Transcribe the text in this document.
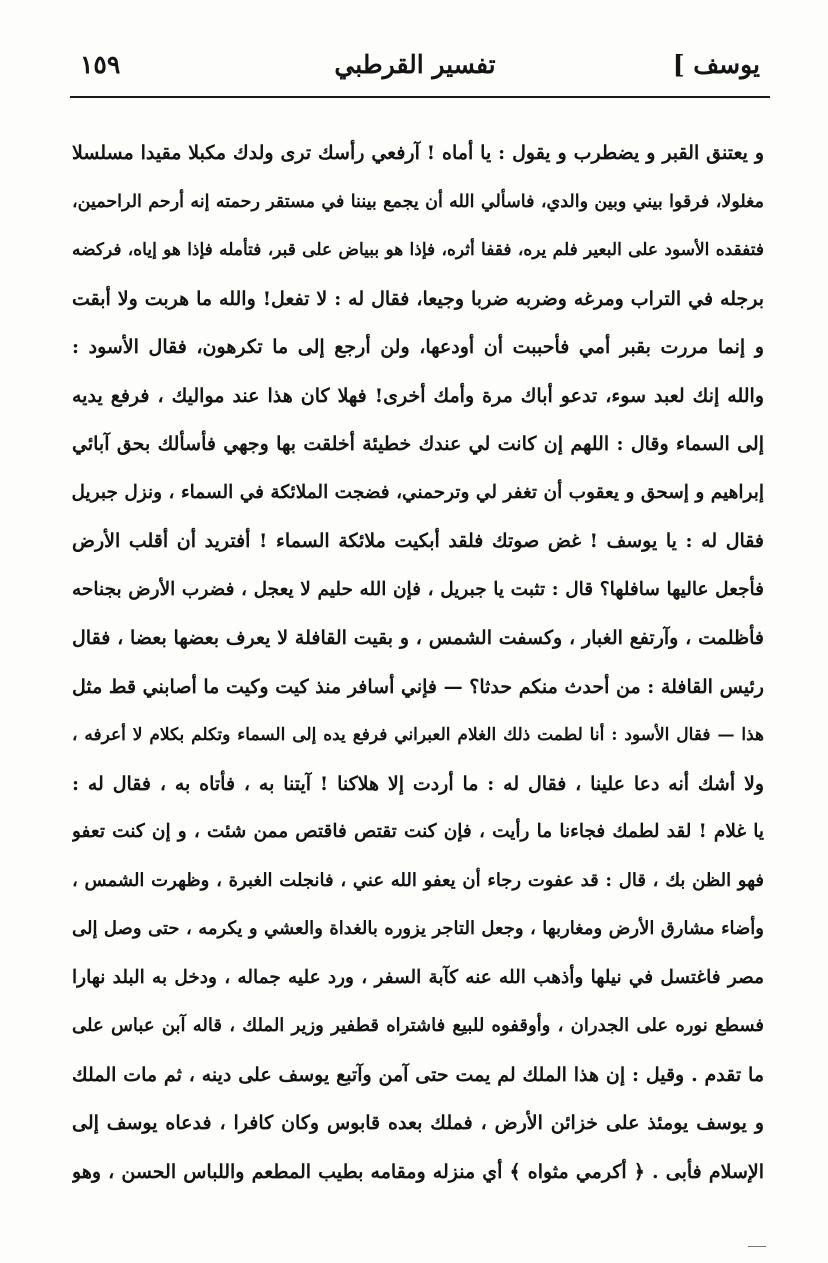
يوسف ]
تفسير القرطبي
١٥٩
و يعتنق القبر و يضطرب و يقول : يا أماه ! آرفعي رأسك ترى ولدك مكبلا مقيدا مسلسلا
مغلولا، فرقوا بيني وبين والدي، فاسألي الله أن يجمع بيننا في مستقر رحمته إنه أرحم الراحمين،
فتفقده الأسود على البعير فلم يره، فقفا أثره، فإذا هو ببياض على قبر، فتأمله فإذا هو إياه، فركضه
برجله في التراب ومرغه وضربه ضربا وجيعا، فقال له : لا تفعل! والله ما هربت ولا أبقت
و إنما مررت بقبر أمي فأحببت أن أودعها، ولن أرجع إلى ما تكرهون، فقال الأسود :
والله إنك لعبد سوء، تدعو أباك مرة وأمك أخرى! فهلا كان هذا عند مواليك ، فرفع يديه
إلى السماء وقال : اللهم إن كانت لي عندك خطيئة أخلقت بها وجهي فأسألك بحق آبائي
إبراهيم و إسحق و يعقوب أن تغفر لي وترحمني، فضجت الملائكة في السماء ، ونزل جبريل
فقال له : يا يوسف ! غض صوتك فلقد أبكيت ملائكة السماء ! أفتريد أن أقلب الأرض
فأجعل عاليها سافلها؟ قال : تثبت يا جبريل ، فإن الله حليم لا يعجل ، فضرب الأرض بجناحه
فأظلمت ، وآرتفع الغبار ، وكسفت الشمس ، و بقيت القافلة لا يعرف بعضها بعضا ، فقال
رئيس القافلة : من أحدث منكم حدثا؟ — فإني أسافر منذ كيت وكيت ما أصابني قط مثل
هذا — فقال الأسود : أنا لطمت ذلك الغلام العبراني فرفع يده إلى السماء وتكلم بكلام لا أعرفه ،
ولا أشك أنه دعا علينا ، فقال له : ما أردت إلا هلاكنا ! آيتنا به ، فأتاه به ، فقال له :
يا غلام ! لقد لطمك فجاءنا ما رأيت ، فإن كنت تقتص فاقتص ممن شئت ، و إن كنت تعفو
فهو الظن بك ، قال : قد عفوت رجاء أن يعفو الله عني ، فانجلت الغبرة ، وظهرت الشمس ،
وأضاء مشارق الأرض ومغاربها ، وجعل التاجر يزوره بالغداة والعشي و يكرمه ، حتى وصل إلى
مصر فاغتسل في نيلها وأذهب الله عنه كآبة السفر ، ورد عليه جماله ، ودخل به البلد نهارا
فسطع نوره على الجدران ، وأوقفوه للبيع فاشتراه قطفير وزير الملك ، قاله آبن عباس على
ما تقدم . وقيل : إن هذا الملك لم يمت حتى آمن وآتبع يوسف على دينه ، ثم مات الملك
و يوسف يومئذ على خزائن الأرض ، فملك بعده قابوس وكان كافرا ، فدعاه يوسف إلى
الإسلام فأبى . ﴿ أكرمي مثواه ﴾ أي منزله ومقامه بطيب المطعم واللباس الحسن ، وهو
